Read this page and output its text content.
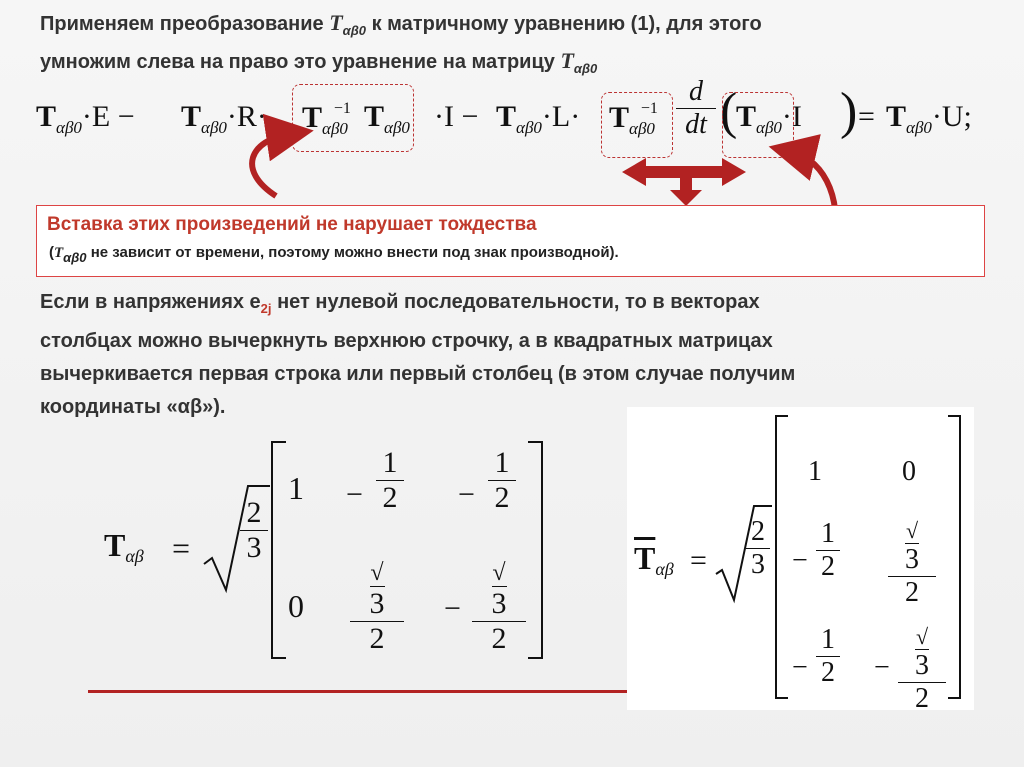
Применяем преобразование $T_{\alpha\beta 0}$ к матричному уравнению (1), для этого
умножим слева на право это уравнение на матрицу $T_{\alpha\beta 0}$
$T_{\alpha\beta 0}\cdot E - T_{\alpha\beta 0}\cdot R\cdot T_{\alpha\beta 0}^{-1}$ $T_{\alpha\beta 0} \cdot I - T_{\alpha\beta 0}\cdot L\cdot T_{\alpha\beta 0}^{-1}$
d
dt (
$T_{\alpha\beta 0}\cdot I$ ) = $T_{\alpha\beta 0}\cdot U$;
Вставка этих произведений не нарушает тождества
($T_{\alpha\beta 0}$ не зависит от времени, поэтому можно внести под знак производной).
Если в напряжениях $е_{2j}$ нет нулевой последовательности, то в векторах
столбцах можно вычеркнуть верхнюю строчку, а в квадратных матрицах
вычеркивается первая строка или первый столбец (в этом случае получим
координаты «αβ»).
$T_{\alpha\beta}$ =
2
3
1 −
1
2 −
1
2
0
√
3
2
−
√
3
2
$\overline{T}_{\alpha\beta}$ =
2
3
1	0
−
1
2
√
3
2
−
1
2 −
√
3
2
